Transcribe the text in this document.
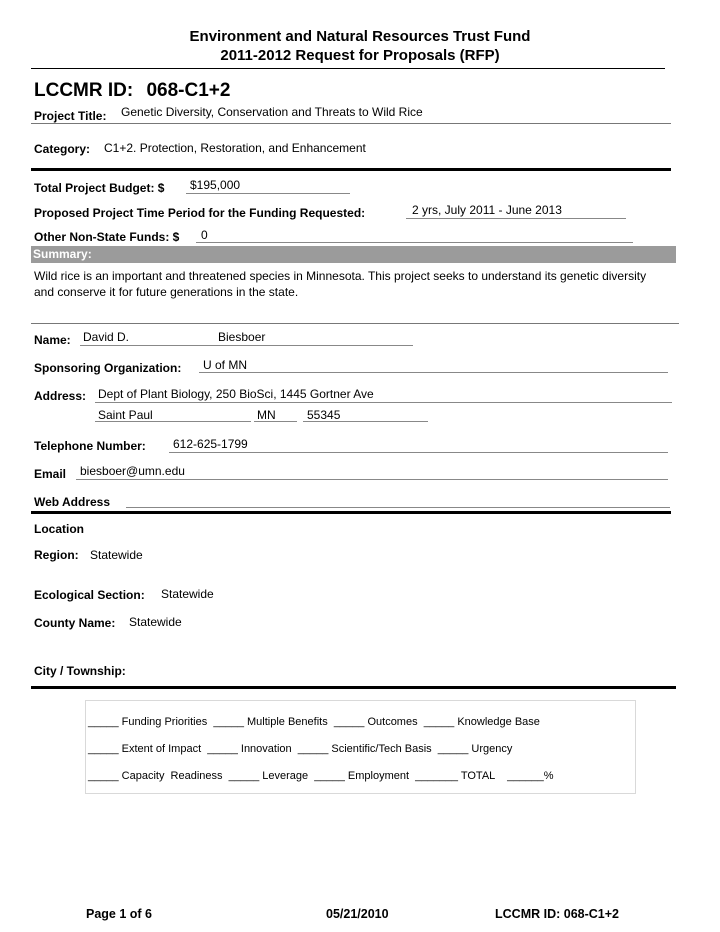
Environment and Natural Resources Trust Fund
2011-2012 Request for Proposals (RFP)
LCCMR ID: 068-C1+2
Project Title: Genetic Diversity, Conservation and Threats to Wild Rice
Category: C1+2. Protection, Restoration, and Enhancement
Total Project Budget: $ $195,000
Proposed Project Time Period for the Funding Requested:	2 yrs, July 2011 - June 2013
Other Non-State Funds: $ 0
Summary:
Wild rice is an important and threatened species in Minnesota. This project seeks to understand its genetic diversity and conserve it for future generations in the state.
Name: David D.	Biesboer
Sponsoring Organization: U of MN
Address: Dept of Plant Biology, 250 BioSci, 1445 Gortner Ave
Saint Paul	MN	55345
Telephone Number: 612-625-1799
Email biesboer@umn.edu
Web Address
Location
Region: Statewide
Ecological Section: Statewide
County Name: Statewide
City / Township:
_____ Funding Priorities  _____ Multiple Benefits  _____ Outcomes  _____ Knowledge Base
_____ Extent of Impact  _____ Innovation  _____ Scientific/Tech Basis  _____ Urgency
_____ Capacity  Readiness  _____ Leverage  _____ Employment  _______ TOTAL    ______%
Page 1 of 6	05/21/2010	LCCMR ID: 068-C1+2
